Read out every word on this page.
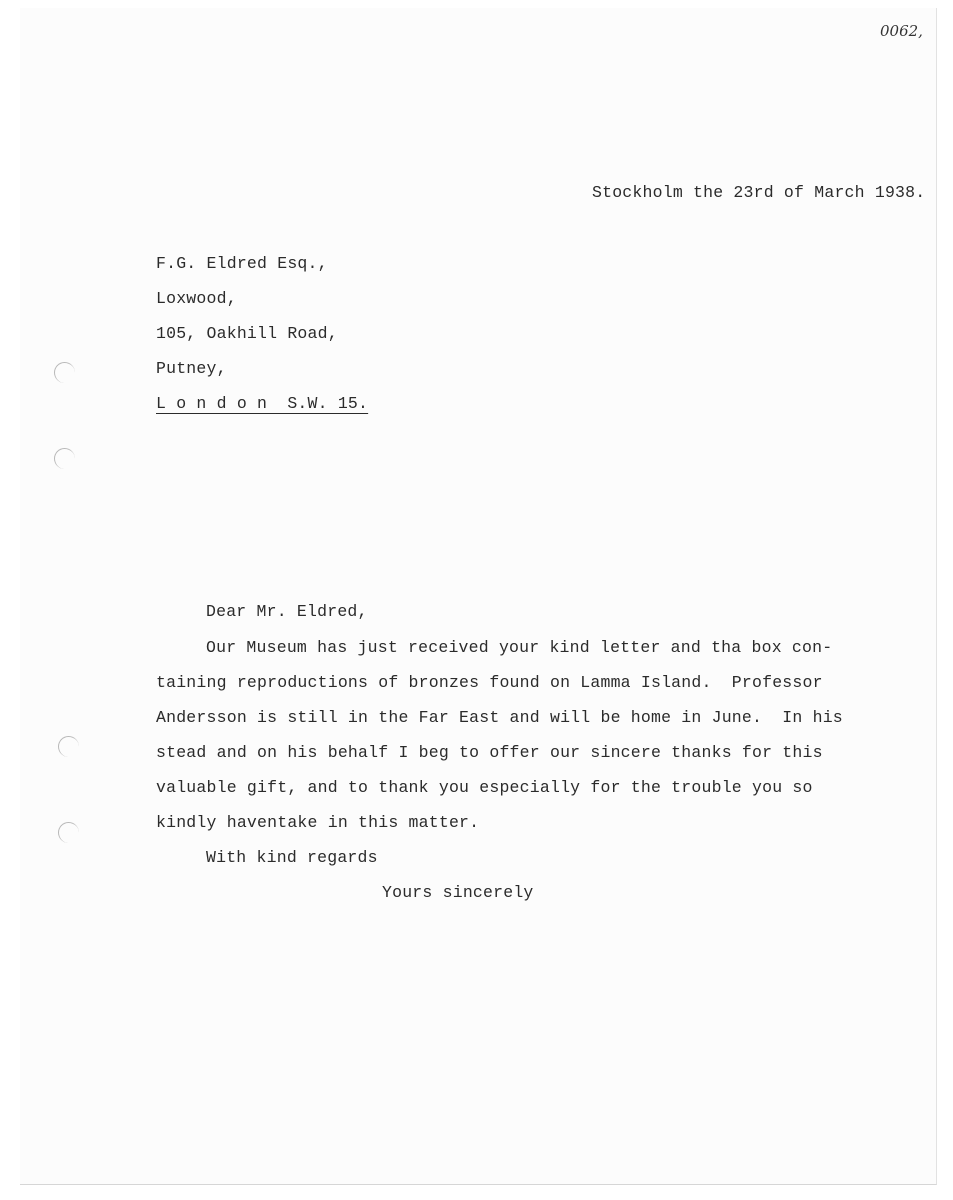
0062,
Stockholm the 23rd of March 1938.
F.G. Eldred Esq.,
Loxwood,
105, Oakhill Road,
Putney,
L o n d o n  S.W. 15.
Dear Mr. Eldred,
Our Museum has just received your kind letter and tha box con-
taining reproductions of bronzes found on Lamma Island.  Professor
Andersson is still in the Far East and will be home in June.  In his
stead and on his behalf I beg to offer our sincere thanks for this
valuable gift, and to thank you especially for the trouble you so
kindly haventake in this matter.
With kind regards
Yours sincerely
